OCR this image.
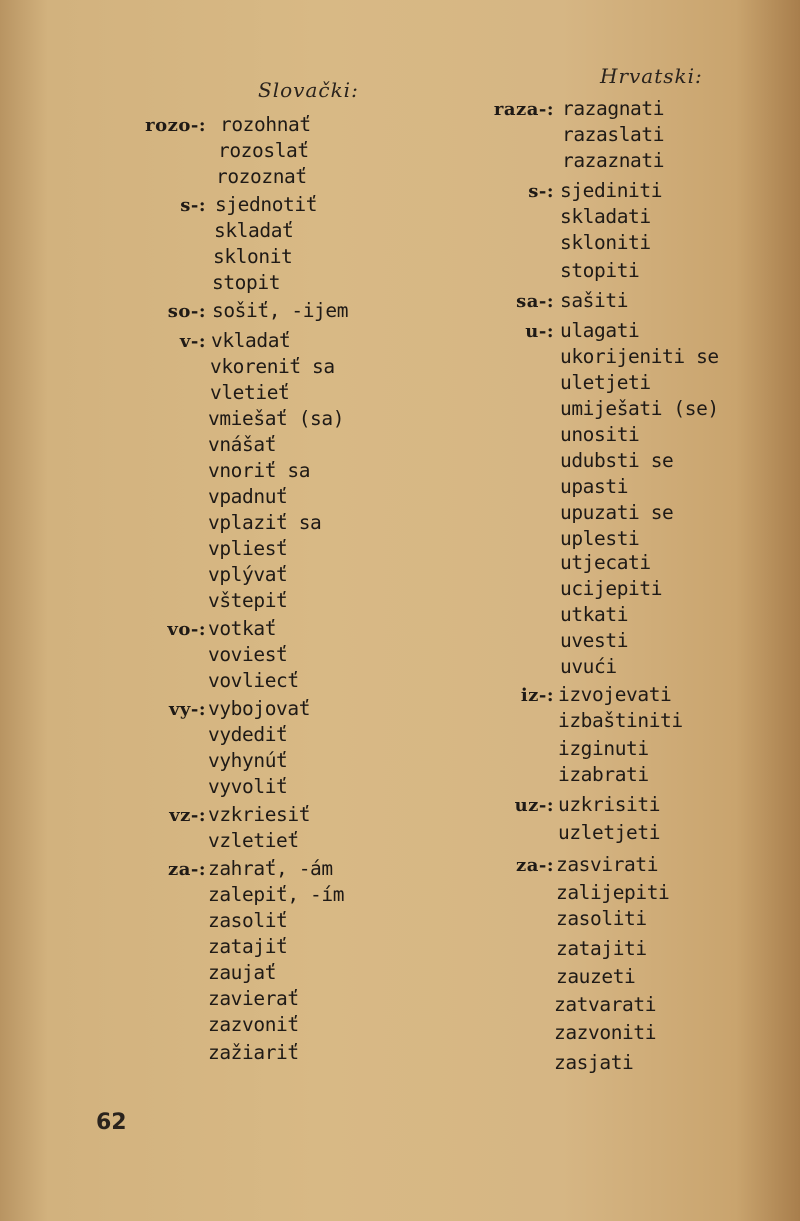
Slovački:
Hrvatski:
rozo-: rozohnať
rozoslať
rozoznať
s-: sjednotiť
skladať
sklonit
stopit
so-: sošiť, -ijem
v-: vkladať
vkoreniť sa
vletieť
vmiešať (sa)
vnášať
vnoriť sa
vpadnuť
vplaziť sa
vpliesť
vplývať
vštepiť
vo-: votkať
voviesť
vovliecť
vy-: vybojovať
vydediť
vyhynúť
vyvoliť
vz-: vzkriesiť
vzletieť
za-: zahrať, -ám
zalepiť, -ím
zasoliť
zatajiť
zaujať
zavierať
zazvoniť
zažiariť
raza-: razagnati
razaslati
razaznati
s-: sjediniti
skladati
skloniti
stopiti
sa-: sašiti
u-: ulagati
ukorijeniti se
uletjeti
umiješati (se)
unositi
udubsti se
upasti
upuzati se
uplesti
utjecati
ucijepiti
utkati
uvesti
uvući
iz-: izvojevati
izbaštiniti
izginuti
izabrati
uz-: uzkrisiti
uzletjeti
za-: zasvirati
zalijepiti
zasoliti
zatajiti
zauzeti
zatvarati
zazvoniti
zasjati
62
